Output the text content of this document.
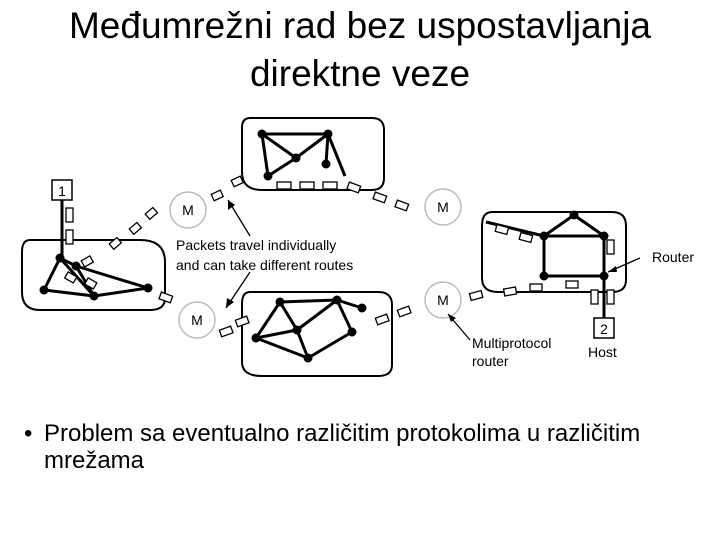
Međumrežni rad bez uspostavljanja
direktne veze
1
2
M	M
M
M
Packets travel individually
and can take different routes	Router
Multiprotocol
router
Host
• Problem sa eventualno različitim protokolima u različitim mrežama
